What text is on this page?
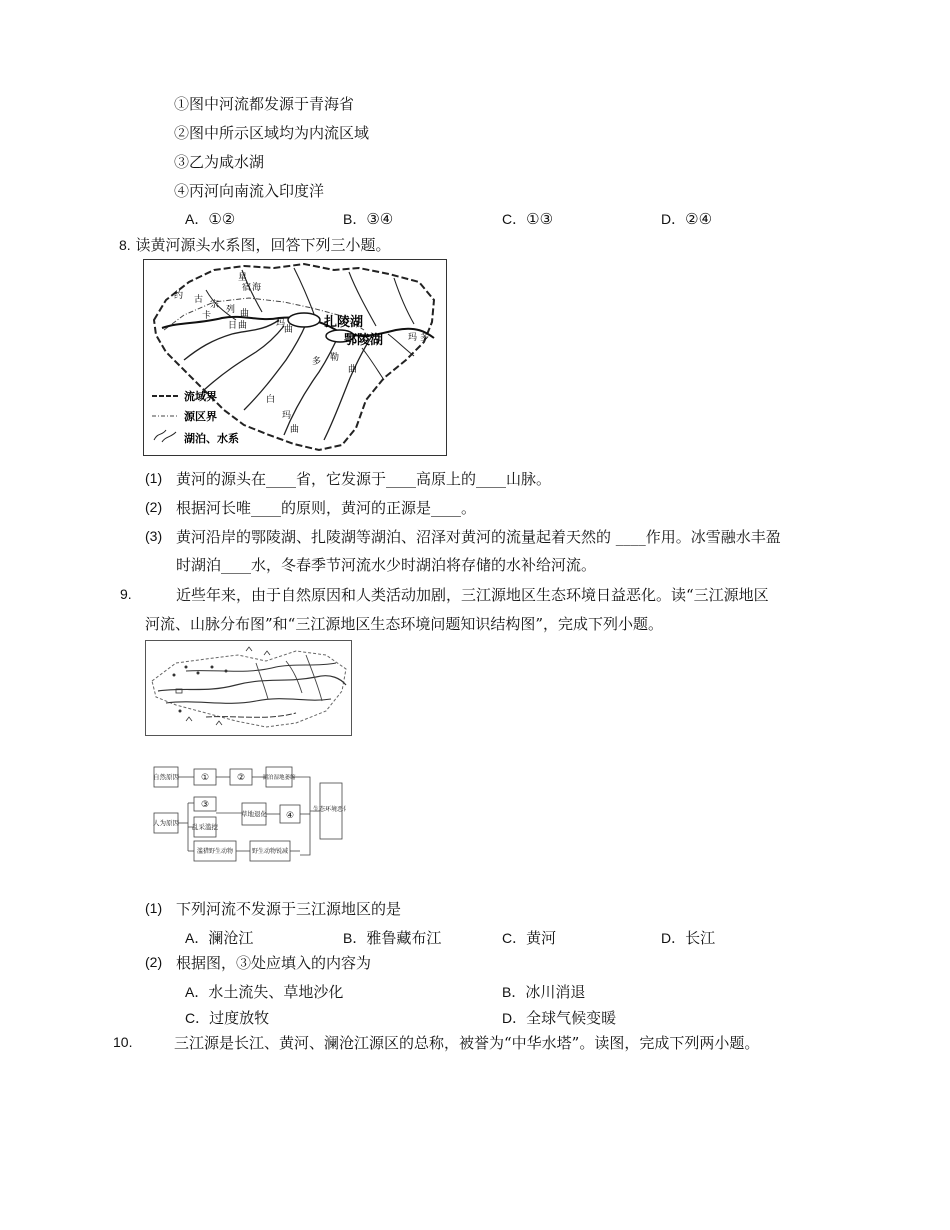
①图中河流都发源于青海省
②图中所示区域均为内流区域
③乙为咸水湖
④丙河向南流入印度洋
A．①②	B．③④	C．①③	D．②④
8. 读黄河源头水系图，回答下列三小题。
扎陵湖
鄂陵湖
约 古 宗 列 曲
星
宿 海
卡
日 曲	玛
曲
多 勒
曲
玛 多
白
玛
曲
流域界
源区界
湖泊、水系
(1) 黄河的源头在____省，它发源于____高原上的____山脉。
(2) 根据河长唯____的原则，黄河的正源是____。
(3) 黄河沿岸的鄂陵湖、扎陵湖等湖泊、沼泽对黄河的流量起着天然的 ____作用。冰雪融水丰盈
时湖泊____水，冬春季节河流水少时湖泊将存储的水补给河流。
9.	近些年来，由于自然原因和人类活动加剧，三江源地区生态环境日益恶化。读“三江源地区
河流、山脉分布图”和“三江源地区生态环境问题知识结构图”，完成下列小题。
自然原因 ①	②	湖泊湿地萎缩
人为原因
③
乱采滥挖
滥猎野生动物
草地退化 ④
野生动物锐减
生态环境恶化
(1) 下列河流不发源于三江源地区的是
A．澜沧江	B．雅鲁藏布江	C．黄河	D．长江
(2) 根据图，③处应填入的内容为
A．水土流失、草地沙化	B．冰川消退
C．过度放牧	D．全球气候变暖
10.	三江源是长江、黄河、澜沧江源区的总称，被誉为“中华水塔”。读图，完成下列两小题。
